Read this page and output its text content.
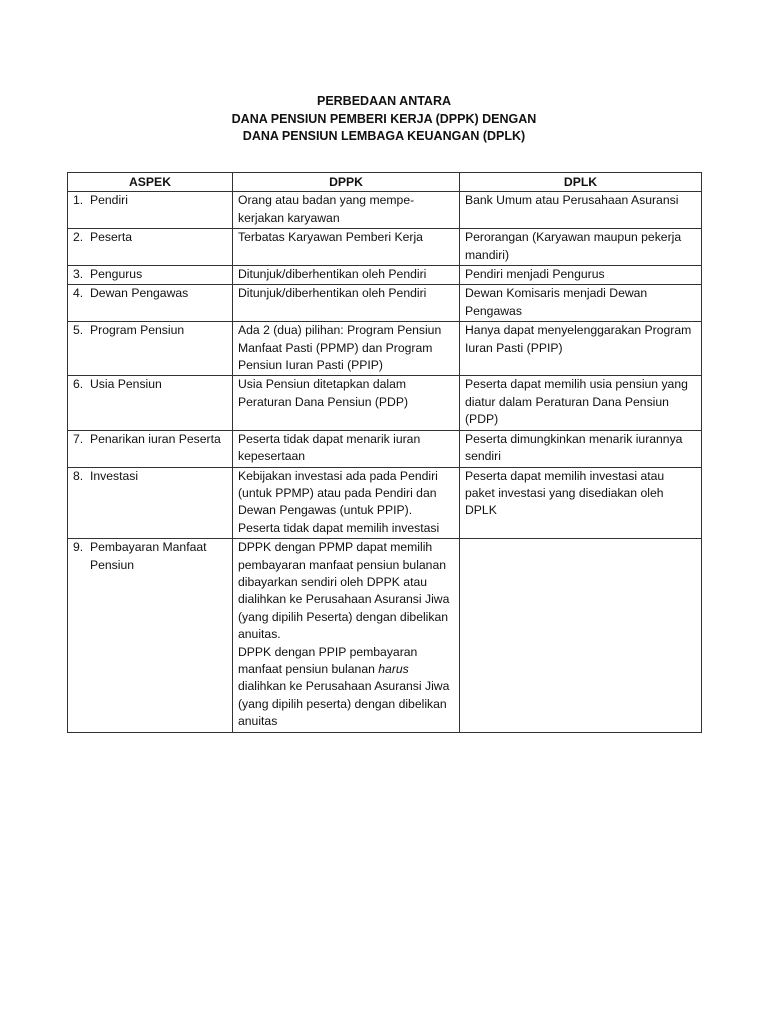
PERBEDAAN ANTARA
DANA PENSIUN PEMBERI KERJA (DPPK) DENGAN
DANA PENSIUN LEMBAGA KEUANGAN (DPLK)
ASPEK	DPPK	DPLK

1. Pendiri	Orang atau badan yang mempe-kerjakan karyawan	Bank Umum atau Perusahaan Asuransi

2. Peserta	Terbatas Karyawan Pemberi Kerja	Perorangan (Karyawan maupun pekerja mandiri)

3. Pengurus	Ditunjuk/diberhentikan oleh Pendiri	Pendiri menjadi Pengurus

4. Dewan Pengawas	Ditunjuk/diberhentikan oleh Pendiri	Dewan Komisaris menjadi Dewan Pengawas

5. Program Pensiun	Ada 2 (dua) pilihan: Program Pensiun Manfaat Pasti (PPMP) dan Program Pensiun Iuran Pasti (PPIP)	Hanya dapat menyelenggarakan Program Iuran Pasti (PPIP)

6. Usia Pensiun	Usia Pensiun ditetapkan dalam Peraturan Dana Pensiun (PDP)	Peserta dapat memilih usia pensiun yang diatur dalam Peraturan Dana Pensiun (PDP)

7. Penarikan iuran Peserta	Peserta tidak dapat menarik iuran kepesertaan	Peserta dimungkinkan menarik iurannya sendiri

8. Investasi	Kebijakan investasi ada pada Pendiri (untuk PPMP) atau pada Pendiri dan Dewan Pengawas (untuk PPIP). Peserta tidak dapat memilih investasi	Peserta dapat memilih investasi atau paket investasi yang disediakan oleh DPLK

9. Pembayaran Manfaat Pensiun	DPPK dengan PPMP dapat memilih pembayaran manfaat pensiun bulanan dibayarkan sendiri oleh DPPK atau dialihkan ke Perusahaan Asuransi Jiwa (yang dipilih Peserta) dengan dibelikan anuitas.
DPPK dengan PPIP pembayaran manfaat pensiun bulanan harus dialihkan ke Perusahaan Asuransi Jiwa (yang dipilih peserta) dengan dibelikan anuitas	
